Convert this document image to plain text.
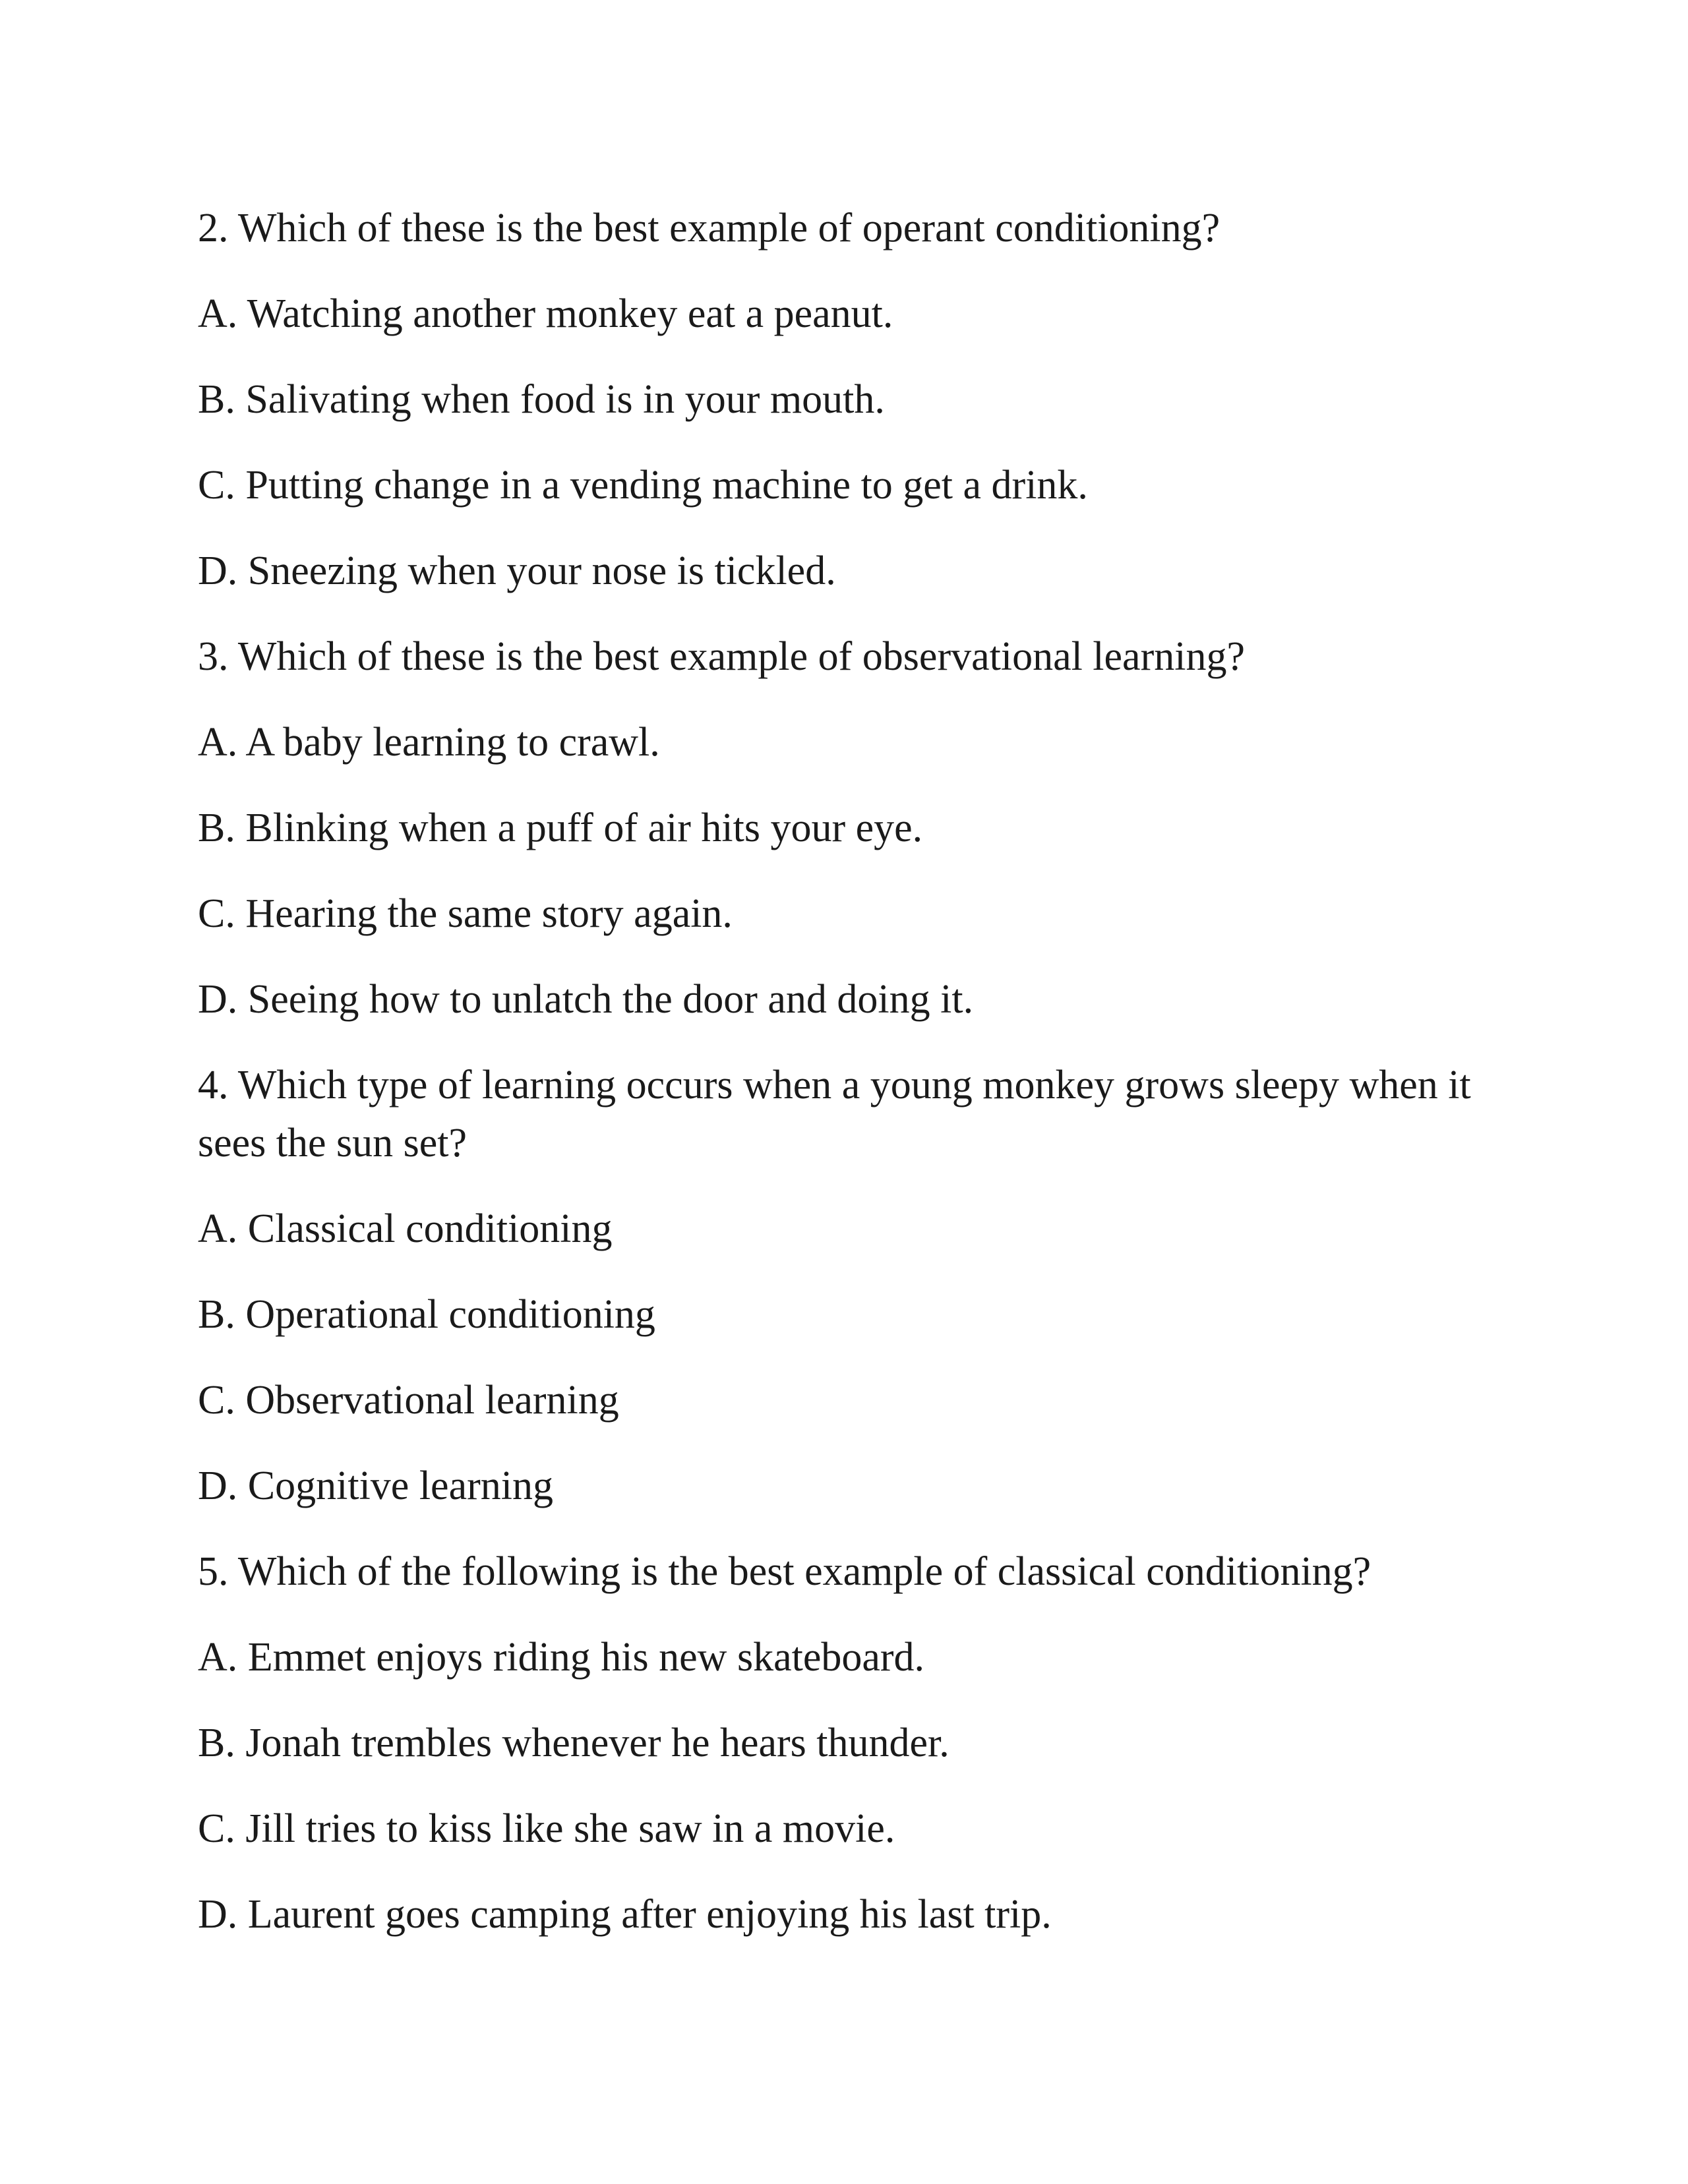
2. Which of these is the best example of operant conditioning?

A. Watching another monkey eat a peanut.

B. Salivating when food is in your mouth.

C. Putting change in a vending machine to get a drink.

D. Sneezing when your nose is tickled.

3. Which of these is the best example of observational learning?

A. A baby learning to crawl.

B. Blinking when a puff of air hits your eye.

C. Hearing the same story again.

D. Seeing how to unlatch the door and doing it.

4. Which type of learning occurs when a young monkey grows sleepy when it sees the sun set?

A. Classical conditioning

B. Operational conditioning

C. Observational learning

D. Cognitive learning

5. Which of the following is the best example of classical conditioning?

A. Emmet enjoys riding his new skateboard.

B. Jonah trembles whenever he hears thunder.

C. Jill tries to kiss like she saw in a movie.

D. Laurent goes camping after enjoying his last trip.
